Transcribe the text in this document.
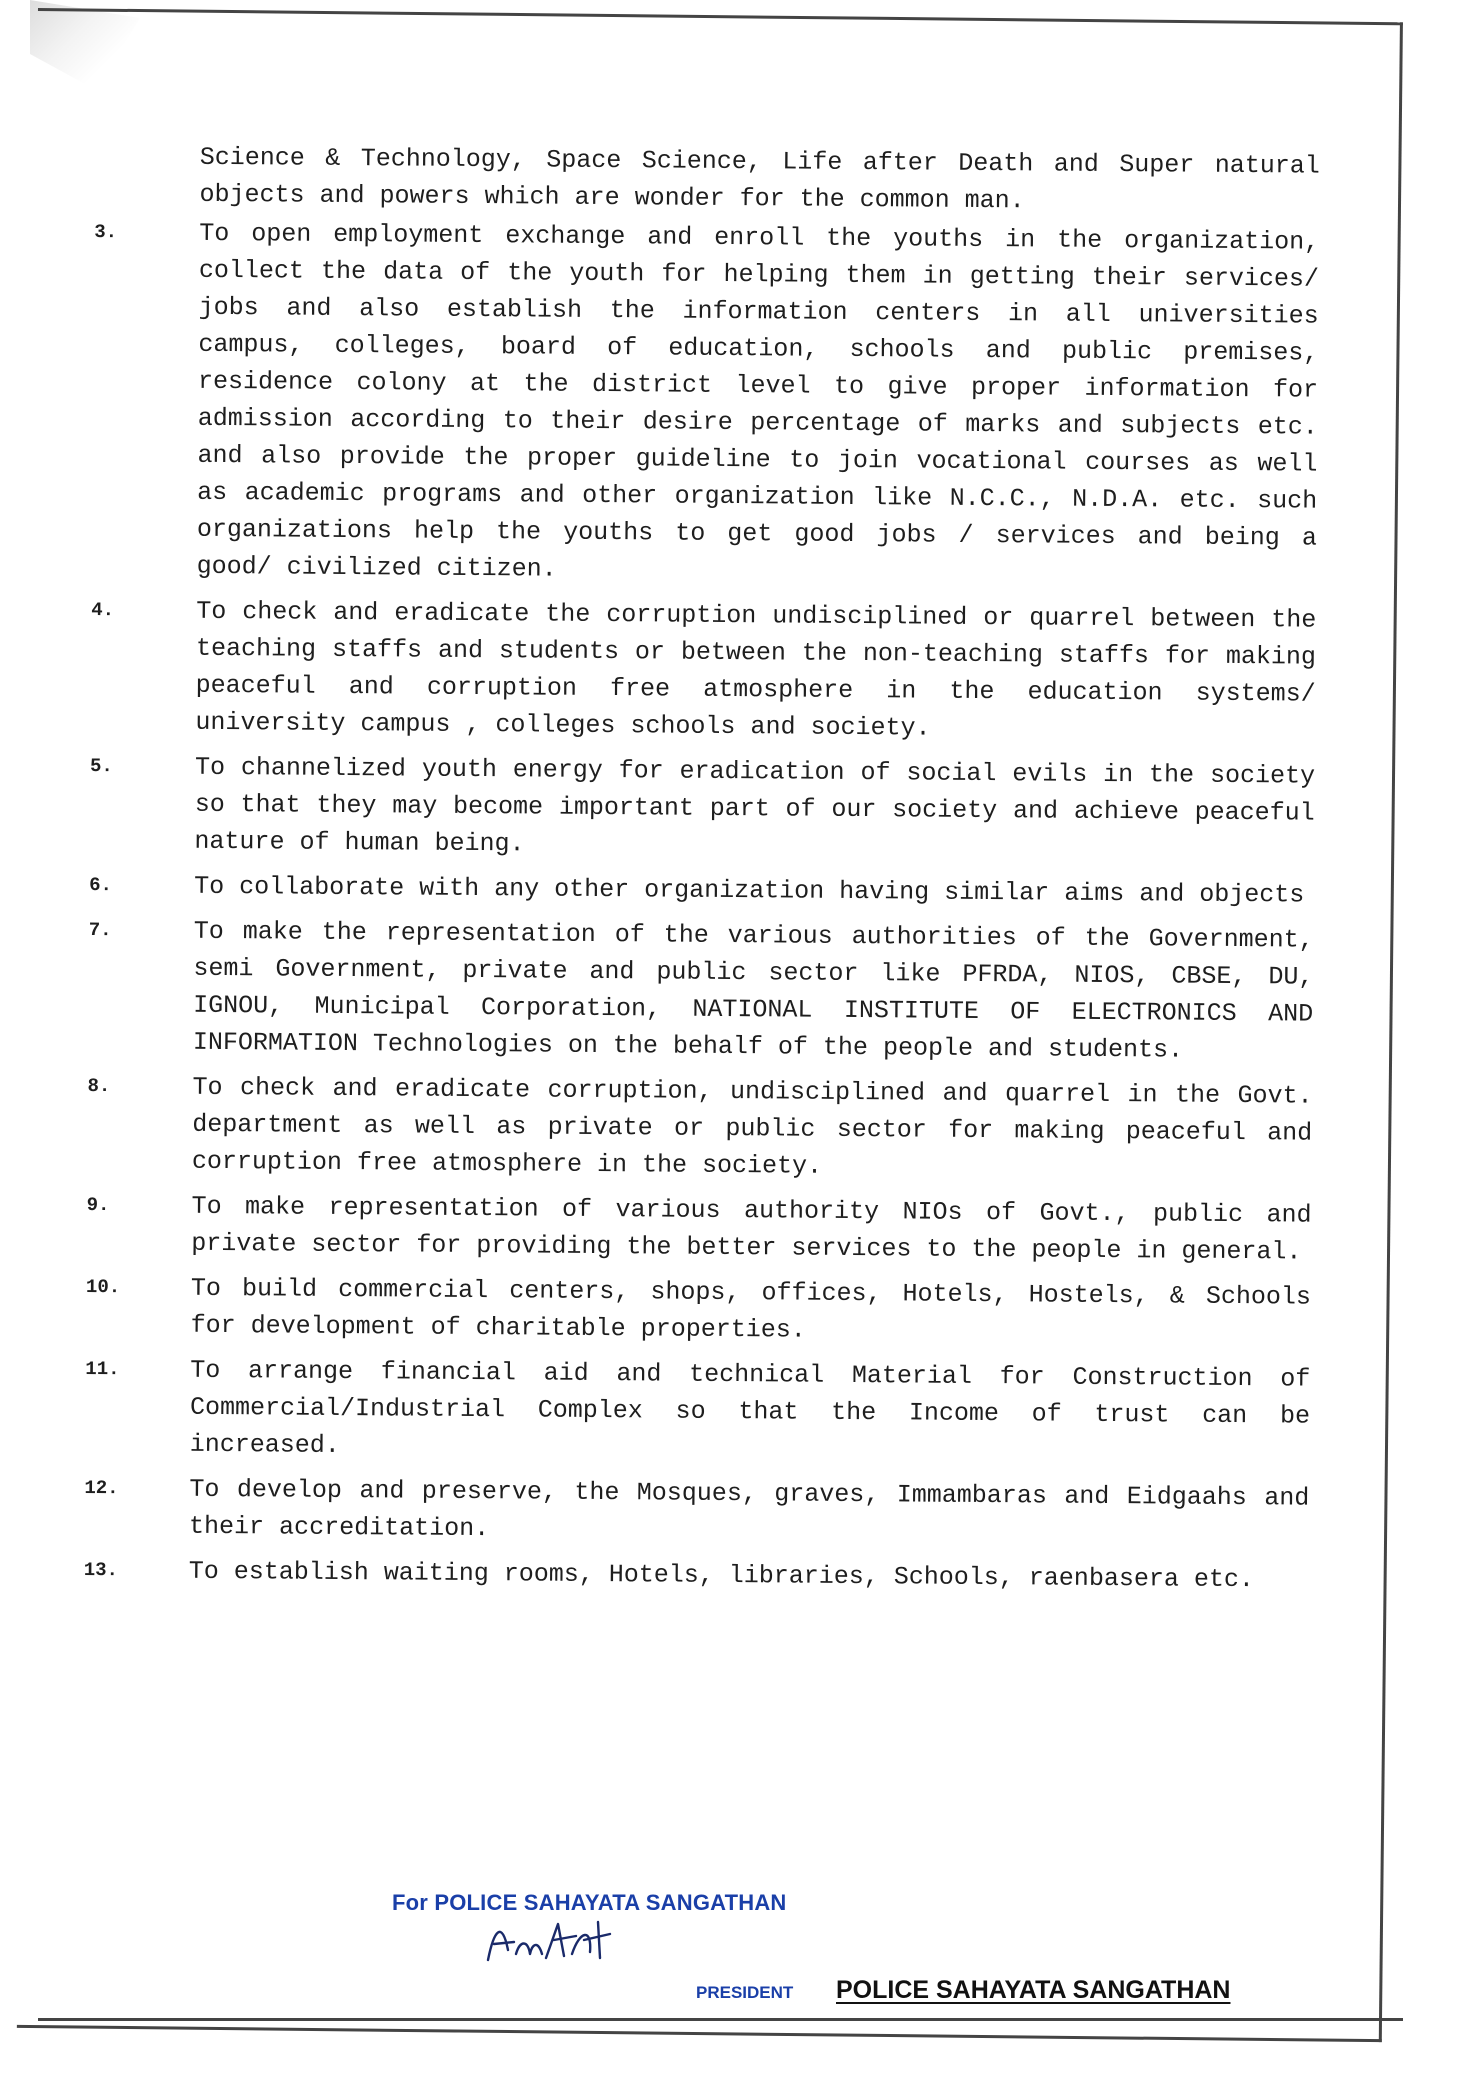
Science & Technology, Space Science, Life after Death and Super natural objects and powers which are wonder for the common man.
3.	To open employment exchange and enroll the youths in the organization, collect the data of the youth for helping them in getting their services/ jobs and also establish the information centers in all universities campus, colleges, board of education, schools and public premises, residence colony at the district level to give proper information for admission according to their desire percentage of marks and subjects etc. and also provide the proper guideline to join vocational courses as well as academic programs and other organization like N.C.C., N.D.A. etc. such organizations help the youths to get good jobs / services and being a good/ civilized citizen.
4.	To check and eradicate the corruption undisciplined or quarrel between the teaching staffs and students or between the non-teaching staffs for making peaceful and corruption free atmosphere in the education systems/ university campus , colleges schools and society.
5.	To channelized youth energy for eradication of social evils in the society so that they may become important part of our society and achieve peaceful nature of human being.
6.	To collaborate with any other organization having similar aims and objects
7.	To make the representation of the various authorities of the Government, semi Government, private and public sector like PFRDA, NIOS, CBSE, DU, IGNOU, Municipal Corporation, NATIONAL INSTITUTE OF ELECTRONICS AND INFORMATION Technologies on the behalf of the people and students.
8.	To check and eradicate corruption, undisciplined and quarrel in the Govt. department as well as private or public sector for making peaceful and corruption free atmosphere in the society.
9.	To make representation of various authority NIOs of Govt., public and private sector for providing the better services to the people in general.
10.	To build commercial centers, shops, offices, Hotels, Hostels, & Schools for development of charitable properties.
11.	To arrange financial aid and technical Material for Construction of Commercial/Industrial Complex so that the Income of trust can be increased.
12.	To develop and preserve, the Mosques, graves, Immambaras and Eidgaahs and their accreditation.
13.	To establish waiting rooms, Hotels, libraries, Schools, raenbasera etc.
For POLICE SAHAYATA SANGATHAN
PRESIDENT POLICE SAHAYATA SANGATHAN
